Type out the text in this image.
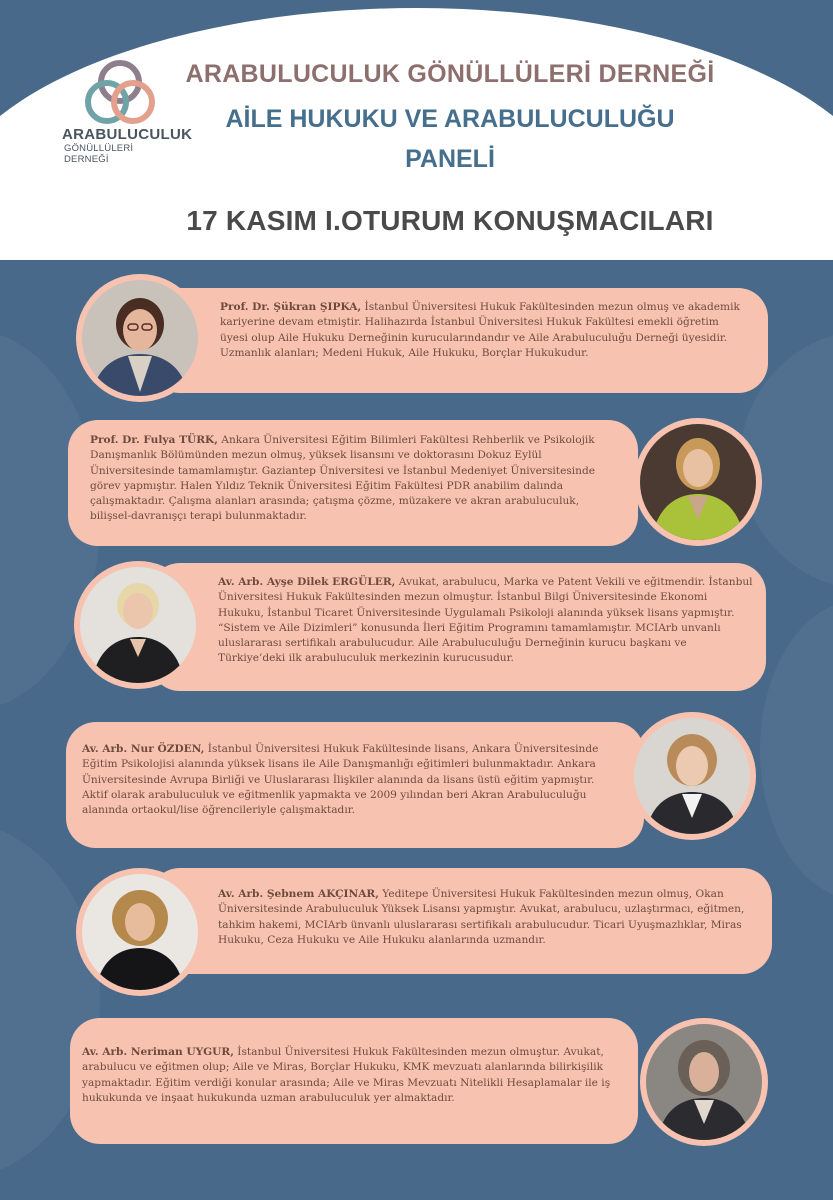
ARABULUCULUK
GÖNÜLLÜLERİ DERNEĞİ
ARABULUCULUK GÖNÜLLÜLERİ DERNEĞİ
AİLE HUKUKU VE ARABULUCULUĞU
PANELİ
17 KASIM I.OTURUM KONUŞMACILARI
Prof. Dr. Şükran ŞIPKA, İstanbul Üniversitesi Hukuk Fakültesinden mezun olmuş ve akademik kariyerine devam etmiştir. Halihazırda İstanbul Üniversitesi Hukuk Fakültesi emekli öğretim üyesi olup Aile Hukuku Derneğinin kurucularındandır ve Aile Arabuluculuğu Derneği üyesidir. Uzmanlık alanları; Medeni Hukuk, Aile Hukuku, Borçlar Hukukudur.
Prof. Dr. Fulya TÜRK, Ankara Üniversitesi Eğitim Bilimleri Fakültesi Rehberlik ve Psikolojik Danışmanlık Bölümünden mezun olmuş, yüksek lisansını ve doktorasını Dokuz Eylül Üniversitesinde tamamlamıştır. Gaziantep Üniversitesi ve İstanbul Medeniyet Üniversitesinde görev yapmıştır. Halen Yıldız Teknik Üniversitesi Eğitim Fakültesi PDR anabilim dalında çalışmaktadır. Çalışma alanları arasında; çatışma çözme, müzakere ve akran arabuluculuk, bilişsel-davranışçı terapi bulunmaktadır.
Av. Arb. Ayşe Dilek ERGÜLER, Avukat, arabulucu, Marka ve Patent Vekili ve eğitmendir. İstanbul Üniversitesi Hukuk Fakültesinden mezun olmuştur. İstanbul Bilgi Üniversitesinde Ekonomi Hukuku, İstanbul Ticaret Üniversitesinde Uygulamalı Psikoloji alanında yüksek lisans yapmıştır. “Sistem ve Aile Dizimleri” konusunda İleri Eğitim Programını tamamlamıştır. MCIArb unvanlı uluslararası sertifikalı arabulucudur. Aile Arabuluculuğu Derneğinin kurucu başkanı ve Türkiye’deki ilk arabuluculuk merkezinin kurucusudur.
Av. Arb. Nur ÖZDEN, İstanbul Üniversitesi Hukuk Fakültesinde lisans, Ankara Üniversitesinde Eğitim Psikolojisi alanında yüksek lisans ile Aile Danışmanlığı eğitimleri bulunmaktadır. Ankara Üniversitesinde Avrupa Birliği ve Uluslararası İlişkiler alanında da lisans üstü eğitim yapmıştır. Aktif olarak arabuluculuk ve eğitmenlik yapmakta ve 2009 yılından beri Akran Arabuluculuğu alanında ortaokul/lise öğrencileriyle çalışmaktadır.
Av. Arb. Şebnem AKÇINAR, Yeditepe Üniversitesi Hukuk Fakültesinden mezun olmuş, Okan Üniversitesinde Arabuluculuk Yüksek Lisansı yapmıştır. Avukat, arabulucu, uzlaştırmacı, eğitmen, tahkim hakemi, MCIArb ünvanlı uluslararası sertifikalı arabulucudur. Ticari Uyuşmazlıklar, Miras Hukuku, Ceza Hukuku ve Aile Hukuku alanlarında uzmandır.
Av. Arb. Neriman UYGUR, İstanbul Üniversitesi Hukuk Fakültesinden mezun olmuştur. Avukat, arabulucu ve eğitmen olup; Aile ve Miras, Borçlar Hukuku, KMK mevzuatı alanlarında bilirkişilik yapmaktadır. Eğitim verdiği konular arasında; Aile ve Miras Mevzuatı Nitelikli Hesaplamalar ile iş hukukunda ve inşaat hukukunda uzman arabuluculuk yer almaktadır.
